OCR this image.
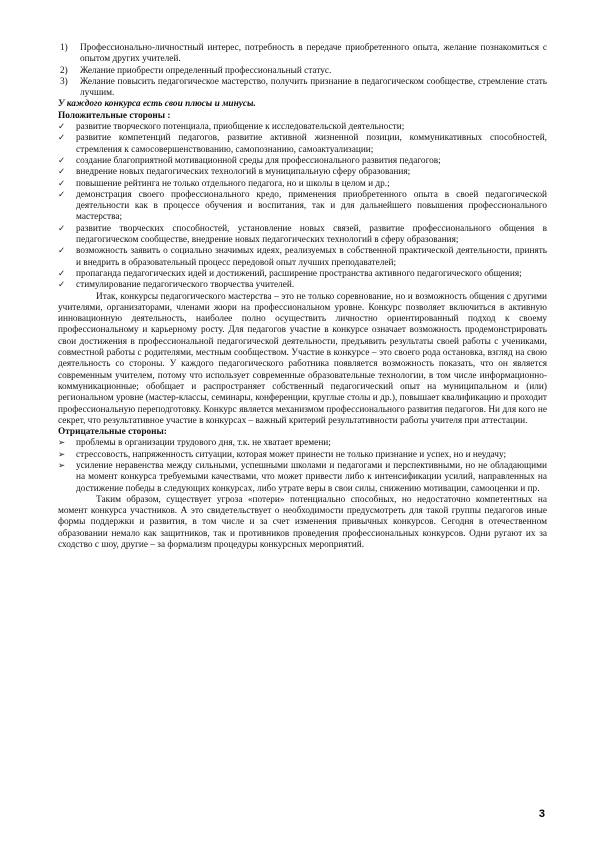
1) Профессионально-личностный интерес, потребность в передаче приобретенного опыта, желание познакомиться с опытом других учителей.
2) Желание приобрести определенный профессиональный статус.
3) Желание повысить педагогическое мастерство, получить признание в педагогическом сообществе, стремление стать лучшим.

У каждого конкурса есть свои плюсы и минусы.

Положительные стороны :

✓ развитие творческого потенциала, приобщение к исследовательской деятельности;
✓ развитие компетенций педагогов, развитие активной жизненной позиции, коммуникативных способностей, стремления к самосовершенствованию, самопознанию, самоактуализации;
✓ создание благоприятной мотивационной среды для профессионального развития педагогов;
✓ внедрение новых педагогических технологий в муниципальную сферу образования;
✓ повышение рейтинга не только отдельного педагога, но и школы в целом и др.;
✓ демонстрация своего профессионального кредо, применения приобретенного опыта в своей педагогической деятельности как в процессе обучения и воспитания, так и для дальнейшего повышения профессионального мастерства;
✓ развитие творческих способностей, установление новых связей, развитие профессионального общения в педагогическом сообществе, внедрение новых педагогических технологий в сферу образования;
✓ возможность заявить о социально значимых идеях, реализуемых в собственной практической деятельности, принять и внедрить в образовательный процесс передовой опыт лучших преподавателей;
✓ пропаганда педагогических идей и достижений, расширение пространства активного педагогического общения;
✓ стимулирование педагогического творчества учителей.

Итак, конкурсы педагогического мастерства – это не только соревнование, но и возможность общения с другими учителями, организаторами, членами жюри на профессиональном уровне. Конкурс позволяет включиться в активную инновационную деятельность, наиболее полно осуществить личностно ориентированный подход к своему профессиональному и карьерному росту. Для педагогов участие в конкурсе означает возможность продемонстрировать свои достижения в профессиональной педагогической деятельности, предъявить результаты своей работы с учениками, совместной работы с родителями, местным сообществом. Участие в конкурсе – это своего рода остановка, взгляд на свою деятельность со стороны. У каждого педагогического работника появляется возможность показать, что он является современным учителем, потому что использует современные образовательные технологии, в том числе информационно-коммуникационные; обобщает и распространяет собственный педагогический опыт на муниципальном и (или) региональном уровне (мастер-классы, семинары, конференции, круглые столы и др.), повышает квалификацию и проходит профессиональную переподготовку. Конкурс является механизмом профессионального развития педагогов. Ни для кого не секрет, что результативное участие в конкурсах – важный критерий результативности работы учителя при аттестации.

Отрицательные стороны:

➢ проблемы в организации трудового дня, т.к. не хватает времени;
➢ стрессовость, напряженность ситуации, которая может принести не только признание и успех, но и неудачу;
➢ усиление неравенства между сильными, успешными школами и педагогами и перспективными, но не обладающими на момент конкурса требуемыми качествами, что может привести либо к интенсификации усилий, направленных на достижение победы в следующих конкурсах, либо утрате веры в свои силы, снижению мотивации, самооценки и пр.

Таким образом, существует угроза «потери» потенциально способных, но недостаточно компетентных на момент конкурса участников. А это свидетельствует о необходимости предусмотреть для такой группы педагогов иные формы поддержки и развития, в том числе и за счет изменения привычных конкурсов. Сегодня в отечественном образовании немало как защитников, так и противников проведения профессиональных конкурсов. Одни ругают их за сходство с шоу, другие – за формализм процедуры конкурсных мероприятий.

3
